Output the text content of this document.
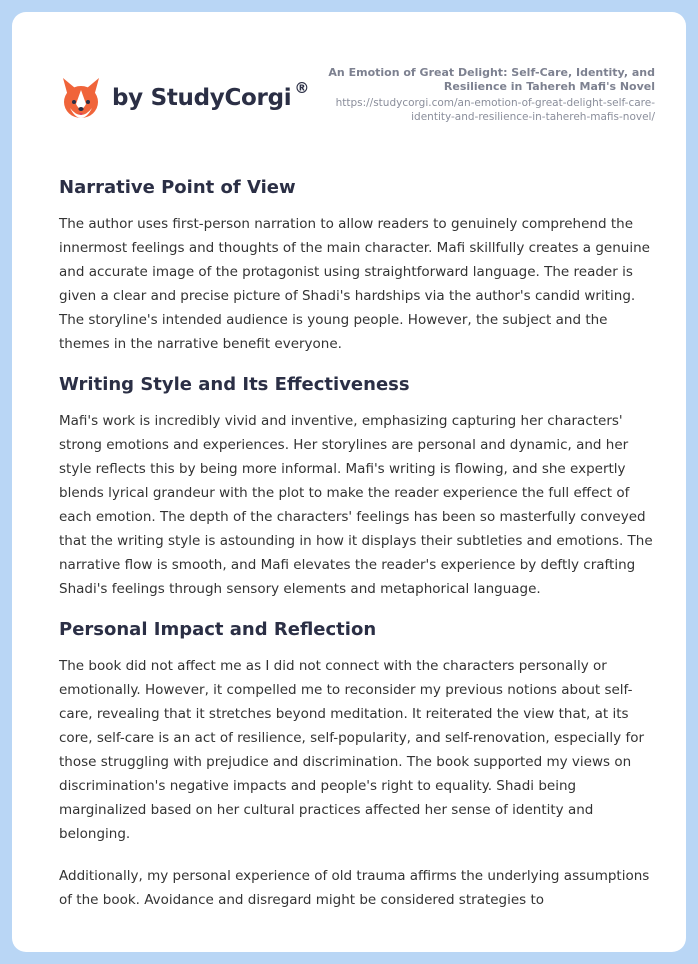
by StudyCorgi ®
An Emotion of Great Delight: Self-Care, Identity, and Resilience in Tahereh Mafi's Novel
https://studycorgi.com/an-emotion-of-great-delight-self-care-identity-and-resilience-in-tahereh-mafis-novel/
Narrative Point of View

The author uses first-person narration to allow readers to genuinely comprehend the innermost feelings and thoughts of the main character. Mafi skillfully creates a genuine and accurate image of the protagonist using straightforward language. The reader is given a clear and precise picture of Shadi's hardships via the author's candid writing. The storyline's intended audience is young people. However, the subject and the themes in the narrative benefit everyone.

Writing Style and Its Effectiveness

Mafi's work is incredibly vivid and inventive, emphasizing capturing her characters' strong emotions and experiences. Her storylines are personal and dynamic, and her style reflects this by being more informal. Mafi's writing is flowing, and she expertly blends lyrical grandeur with the plot to make the reader experience the full effect of each emotion. The depth of the characters' feelings has been so masterfully conveyed that the writing style is astounding in how it displays their subtleties and emotions. The narrative flow is smooth, and Mafi elevates the reader's experience by deftly crafting Shadi's feelings through sensory elements and metaphorical language.

Personal Impact and Reflection

The book did not affect me as I did not connect with the characters personally or emotionally. However, it compelled me to reconsider my previous notions about self-care, revealing that it stretches beyond meditation. It reiterated the view that, at its core, self-care is an act of resilience, self-popularity, and self-renovation, especially for those struggling with prejudice and discrimination. The book supported my views on discrimination's negative impacts and people's right to equality. Shadi being marginalized based on her cultural practices affected her sense of identity and belonging.

Additionally, my personal experience of old trauma affirms the underlying assumptions of the book. Avoidance and disregard might be considered strategies to
